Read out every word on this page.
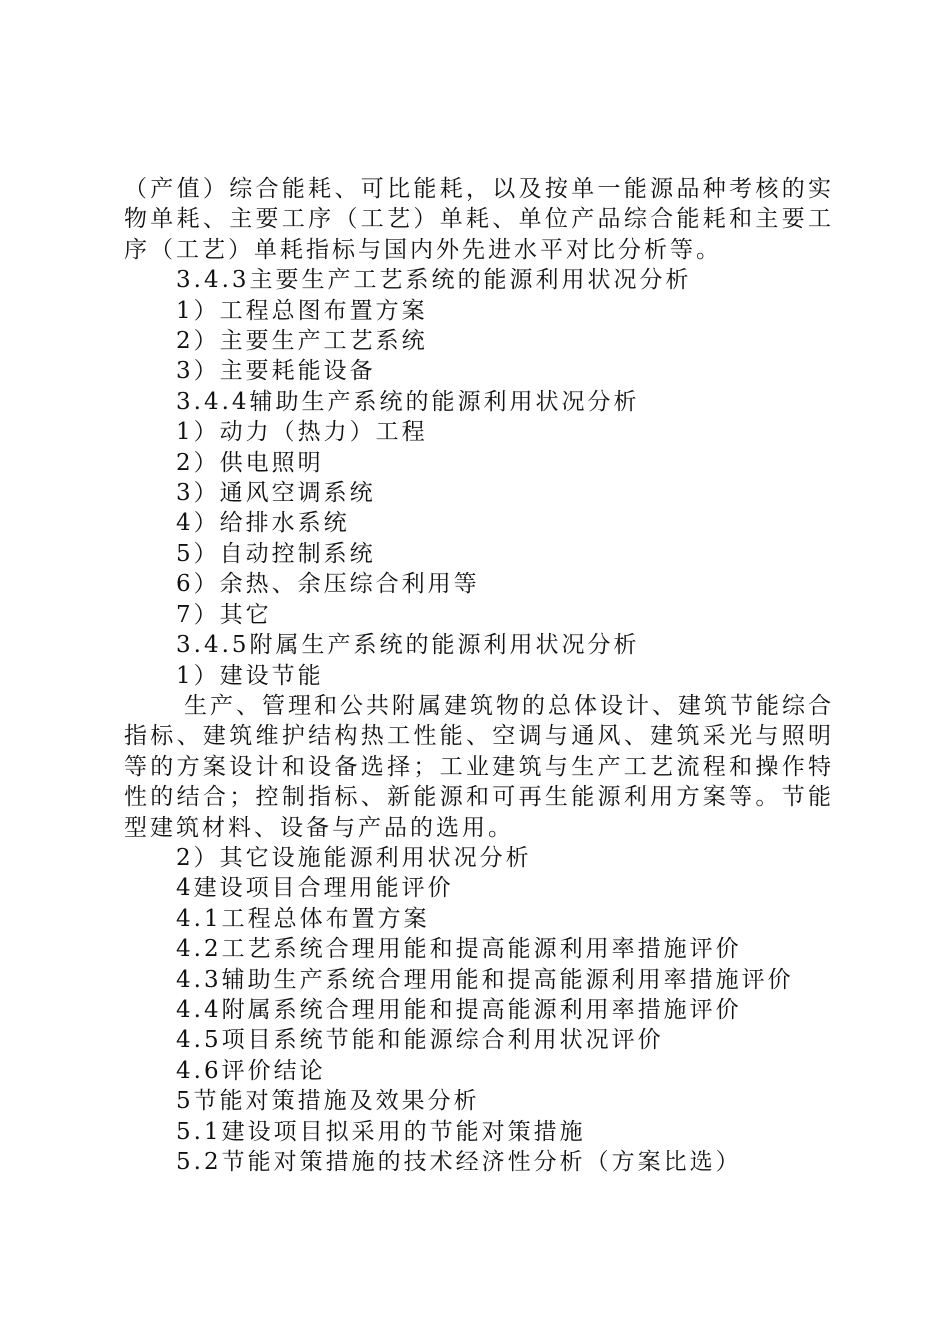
（产值）综合能耗、可比能耗，以及按单一能源品种考核的实物单耗、主要工序（工艺）单耗、单位产品综合能耗和主要工序（工艺）单耗指标与国内外先进水平对比分析等。

3.4.3主要生产工艺系统的能源利用状况分析

1）工程总图布置方案

2）主要生产工艺系统

3）主要耗能设备

3.4.4辅助生产系统的能源利用状况分析

1）动力（热力）工程

2）供电照明

3）通风空调系统

4）给排水系统

5）自动控制系统

6）余热、余压综合利用等

7）其它

3.4.5附属生产系统的能源利用状况分析

1）建设节能

生产、管理和公共附属建筑物的总体设计、建筑节能综合指标、建筑维护结构热工性能、空调与通风、建筑采光与照明等的方案设计和设备选择；工业建筑与生产工艺流程和操作特性的结合；控制指标、新能源和可再生能源利用方案等。节能型建筑材料、设备与产品的选用。

2）其它设施能源利用状况分析

4建设项目合理用能评价

4.1工程总体布置方案

4.2工艺系统合理用能和提高能源利用率措施评价

4.3辅助生产系统合理用能和提高能源利用率措施评价

4.4附属系统合理用能和提高能源利用率措施评价

4.5项目系统节能和能源综合利用状况评价

4.6评价结论

5节能对策措施及效果分析

5.1建设项目拟采用的节能对策措施

5.2节能对策措施的技术经济性分析（方案比选）
